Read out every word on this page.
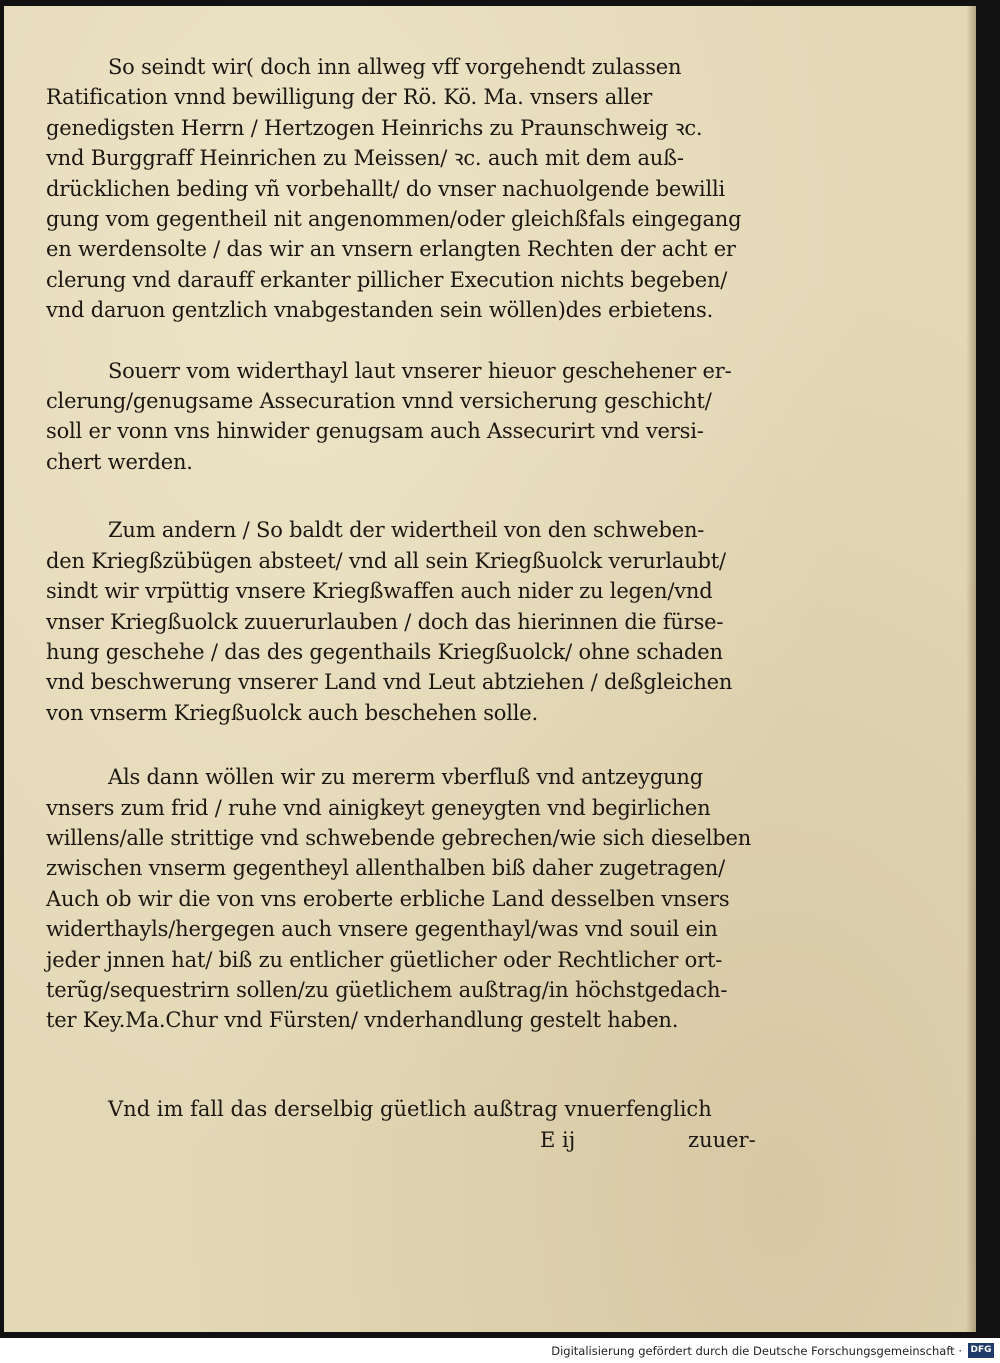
So seindt wir( doch inn allweg vff vorgehendt zulassen
Ratification vnnd bewilligung der Rö. Kö. Ma. vnsers aller
genedigsten Herrn / Hertzogen Heinrichs zu Praunschweig ꝛc.
vnd Burggraff Heinrichen zu Meissen/ ꝛc. auch mit dem auß-
drücklichen beding vñ vorbehallt/ do vnser nachuolgende bewilli
gung vom gegentheil nit angenommen/oder gleichßfals eingegang
en werdensolte / das wir an vnsern erlangten Rechten der acht er
clerung vnd darauff erkanter pillicher Execution nichts begeben/
vnd daruon gentzlich vnabgestanden sein wöllen)des erbietens.
Souerr vom widerthayl laut vnserer hieuor geschehener er-
clerung/genugsame Assecuration vnnd versicherung geschicht/
soll er vonn vns hinwider genugsam auch Assecurirt vnd versi-
chert werden.
Zum andern / So baldt der widertheil von den schweben-
den Kriegßzübügen absteet/ vnd all sein Kriegßuolck verurlaubt/
sindt wir vrpüttig vnsere Kriegßwaffen auch nider zu legen/vnd
vnser Kriegßuolck zuuerurlauben / doch das hierinnen die fürse-
hung geschehe / das des gegenthails Kriegßuolck/ ohne schaden
vnd beschwerung vnserer Land vnd Leut abtziehen / deßgleichen
von vnserm Kriegßuolck auch beschehen solle.
Als dann wöllen wir zu mererm vberfluß vnd antzeygung
vnsers zum frid / ruhe vnd ainigkeyt geneygten vnd begirlichen
willens/alle strittige vnd schwebende gebrechen/wie sich dieselben
zwischen vnserm gegentheyl allenthalben biß daher zugetragen/
Auch ob wir die von vns eroberte erbliche Land desselben vnsers
widerthayls/hergegen auch vnsere gegenthayl/was vnd souil ein
jeder jnnen hat/ biß zu entlicher güetlicher oder Rechtlicher ort-
terũg/sequestrirn sollen/zu güetlichem außtrag/in höchstgedach-
ter Key.Ma.Chur vnd Fürsten/ vnderhandlung gestelt haben.
Vnd im fall das derselbig güetlich außtrag vnuerfenglich
E ij	zuuer-
Digitalisierung gefördert durch die Deutsche Forschungsgemeinschaft · DFG
